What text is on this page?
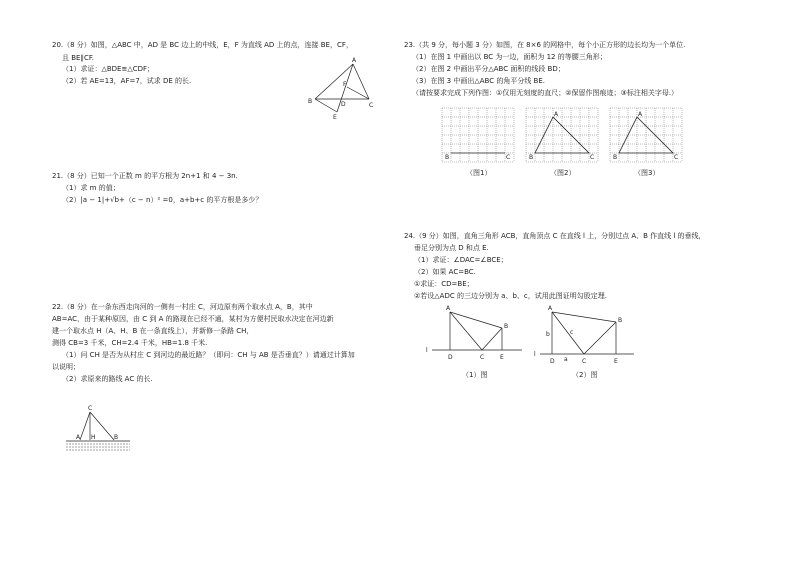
20.（8 分）如图，△ABC 中，AD 是 BC 边上的中线，E，F 为直线 AD 上的点，连接 BE，CF，
且 BE∥CF.
（1）求证：△BDE≌△CDF；
（2）若 AE=13，AF=7，试求 DE 的长.
A
F
D
B
C
E
21.（8 分）已知一个正数 m 的平方根为 2n+1 和 4 − 3n.
（1）求 m 的值；
（2）|a − 1|+√b+（c − n）² =0，a+b+c 的平方根是多少？
22.（8 分）在一条东西走向河的一侧有一村庄 C，河边原有两个取水点 A，B，其中
AB=AC，由于某种原因，由 C 到 A 的路现在已经不通，某村为方便村民取水决定在河边新
建一个取水点 H（A、H、B 在一条直线上），并新修一条路 CH，
测得 CB=3 千米，CH=2.4 千米，HB=1.8 千米.
（1）问 CH 是否为从村庄 C 到河边的最近路？（即问：CH 与 AB 是否垂直？）请通过计算加
以说明；
（2）求原来的路线 AC 的长.
C
A H	B
23.（共 9 分，每小题 3 分）如图，在 8×6 的网格中，每个小正方形的边长均为一个单位.
（1）在图 1 中画出以 BC 为一边，面积为 12 的等腰三角形；
（2）在图 2 中画出平分△ABC 面积的线段 BD；
（3）在图 3 中画出△ABC 的角平分线 BE.
（请按要求完成下列作图：①仅用无刻度的直尺；②保留作图痕迹；③标注相关字母.）
B	C
（图1）
A
B	C
（图2）
A
B	C
（图3）
24.（9 分）如图，直角三角形 ACB，直角顶点 C 在直线 l 上，分别过点 A、B 作直线 l 的垂线，
垂足分别为点 D 和点 E.
（1）求证：∠DAC=∠BCE；
（2）如果 AC=BC.
①求证：CD=BE；
②若设△ADC 的三边分别为 a、b、c，试用此图证明勾股定理.
A
B
l
D	C	E
（1）图
A
B
b	c
l
D a C	E
（2）图
